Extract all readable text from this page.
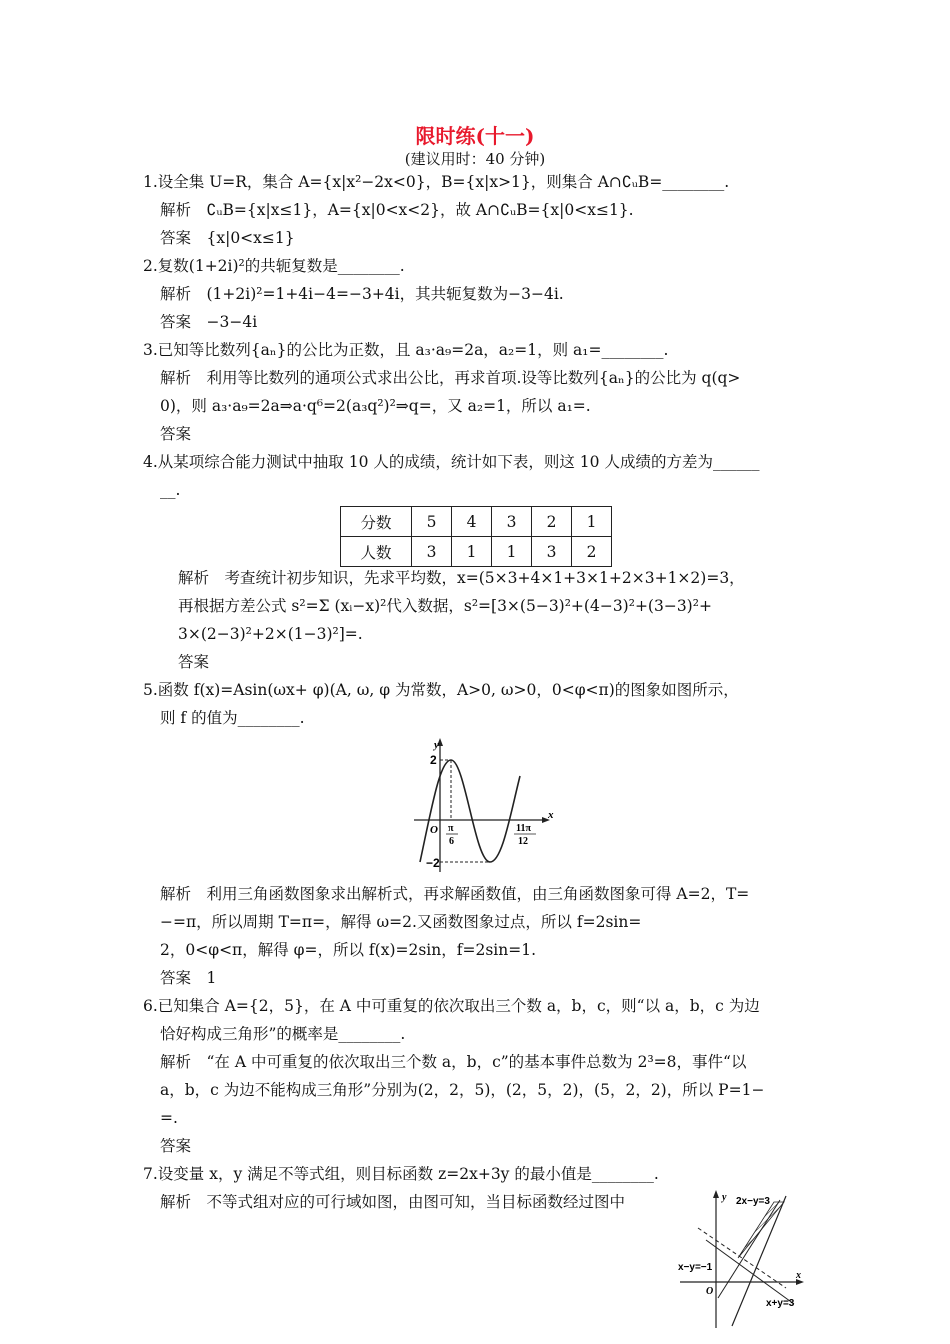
限时练(十一)
(建议用时：40 分钟)
1.设全集 U=R，集合 A={x|x²−2x<0}，B={x|x>1}，则集合 A∩∁ᵤB=________.
解析　∁ᵤB={x|x≤1}，A={x|0<x<2}，故 A∩∁ᵤB={x|0<x≤1}.
答案　{x|0<x≤1}
2.复数(1+2i)²的共轭复数是________.
解析　(1+2i)²=1+4i−4=−3+4i，其共轭复数为−3−4i.
答案　−3−4i
3.已知等比数列{aₙ}的公比为正数，且 a₃·a₉=2a，a₂=1，则 a₁=________.
解析　利用等比数列的通项公式求出公比，再求首项.设等比数列{aₙ}的公比为 q(q>
0)，则 a₃·a₉=2a⇒a·q⁶=2(a₃q²)²⇒q=，又 a₂=1，所以 a₁=.
答案
4.从某项综合能力测试中抽取 10 人的成绩，统计如下表，则这 10 人成绩的方差为______
__.
分数	5	4	3	2	1
人数	3	1	1	3	2
解析　考查统计初步知识，先求平均数，x=(5×3+4×1+3×1+2×3+1×2)=3，
再根据方差公式 s²=Σ (xᵢ−x)²代入数据，s²=[3×(5−3)²+(4−3)²+(3−3)²+
3×(2−3)²+2×(1−3)²]=.
答案
5.函数 f(x)=Asin(ωx+ φ)(A, ω, φ 为常数，A>0, ω>0，0<φ<π)的图象如图所示，
则 f 的值为________.
y
x
2
−2
O π
6
11π
12
解析　利用三角函数图象求出解析式，再求解函数值，由三角函数图象可得 A=2，T=
−=π，所以周期 T=π=，解得 ω=2.又函数图象过点，所以 f=2sin=
2，0<φ<π，解得 φ=，所以 f(x)=2sin，f=2sin=1.
答案　1
6.已知集合 A={2，5}，在 A 中可重复的依次取出三个数 a，b，c，则“以 a，b，c 为边
恰好构成三角形”的概率是________.
解析　“在 A 中可重复的依次取出三个数 a，b，c”的基本事件总数为 2³=8，事件“以
a，b，c 为边不能构成三角形”分别为(2，2，5)，(2，5，2)，(5，2，2)，所以 P=1−
=.
答案
7.设变量 x，y 满足不等式组，则目标函数 z=2x+3y 的最小值是________.
解析　不等式组对应的可行域如图，由图可知，当目标函数经过图中	y
x
O
2x−y=3
x−y=−1
x+y=3
